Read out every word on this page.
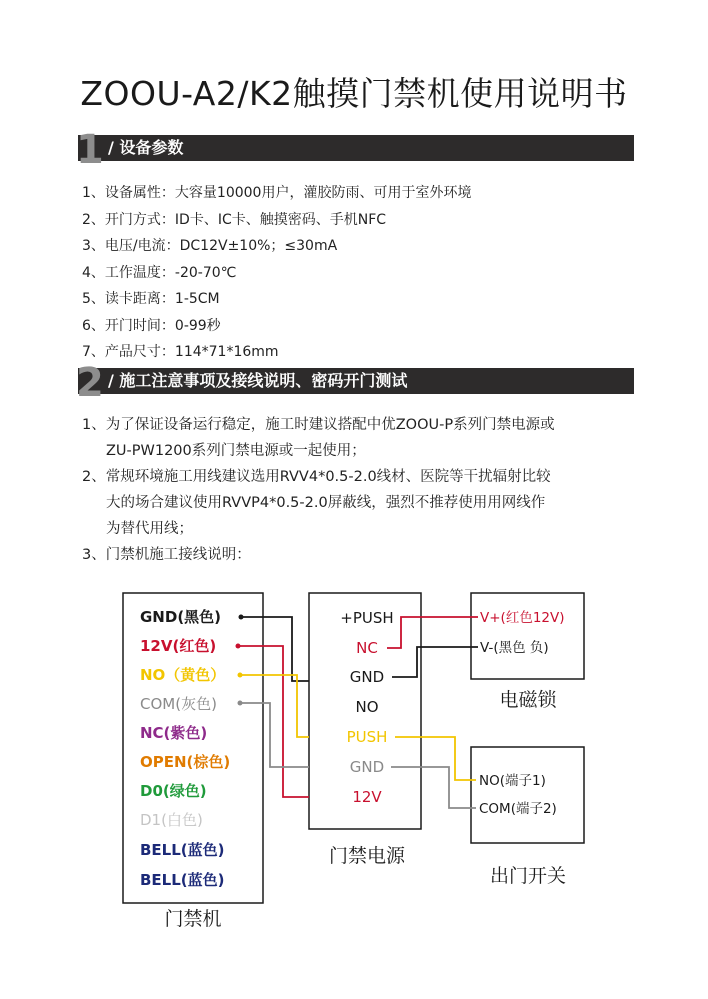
ZOOU-A2/K2触摸门禁机使用说明书
1 / 设备参数
1、设备属性：大容量10000用户，灌胶防雨、可用于室外环境
2、开门方式：ID卡、IC卡、触摸密码、手机NFC
3、电压/电流：DC12V±10%；≤30mA
4、工作温度：-20-70℃
5、读卡距离：1-5CM
6、开门时间：0-99秒
7、产品尺寸：114*71*16mm
2 / 施工注意事项及接线说明、密码开门测试
1、为了保证设备运行稳定，施工时建议搭配中优ZOOU-P系列门禁电源或
ZU-PW1200系列门禁电源或一起使用；
2、常规环境施工用线建议选用RVV4*0.5-2.0线材、医院等干扰辐射比较
大的场合建议使用RVVP4*0.5-2.0屏蔽线，强烈不推荐使用用网线作
为替代用线；
3、门禁机施工接线说明：
GND(黑色)
12V(红色)
NO（黄色）
COM(灰色)
NC(紫色)
OPEN(棕色)
D0(绿色)
D1(白色)
BELL(蓝色)
BELL(蓝色)
门禁机
+PUSH
NC
GND
NO
PUSH
GND
12V
门禁电源
V+(红色12V)
V-(黑色 负)
电磁锁
NO(端子1)
COM(端子2)
出门开关
